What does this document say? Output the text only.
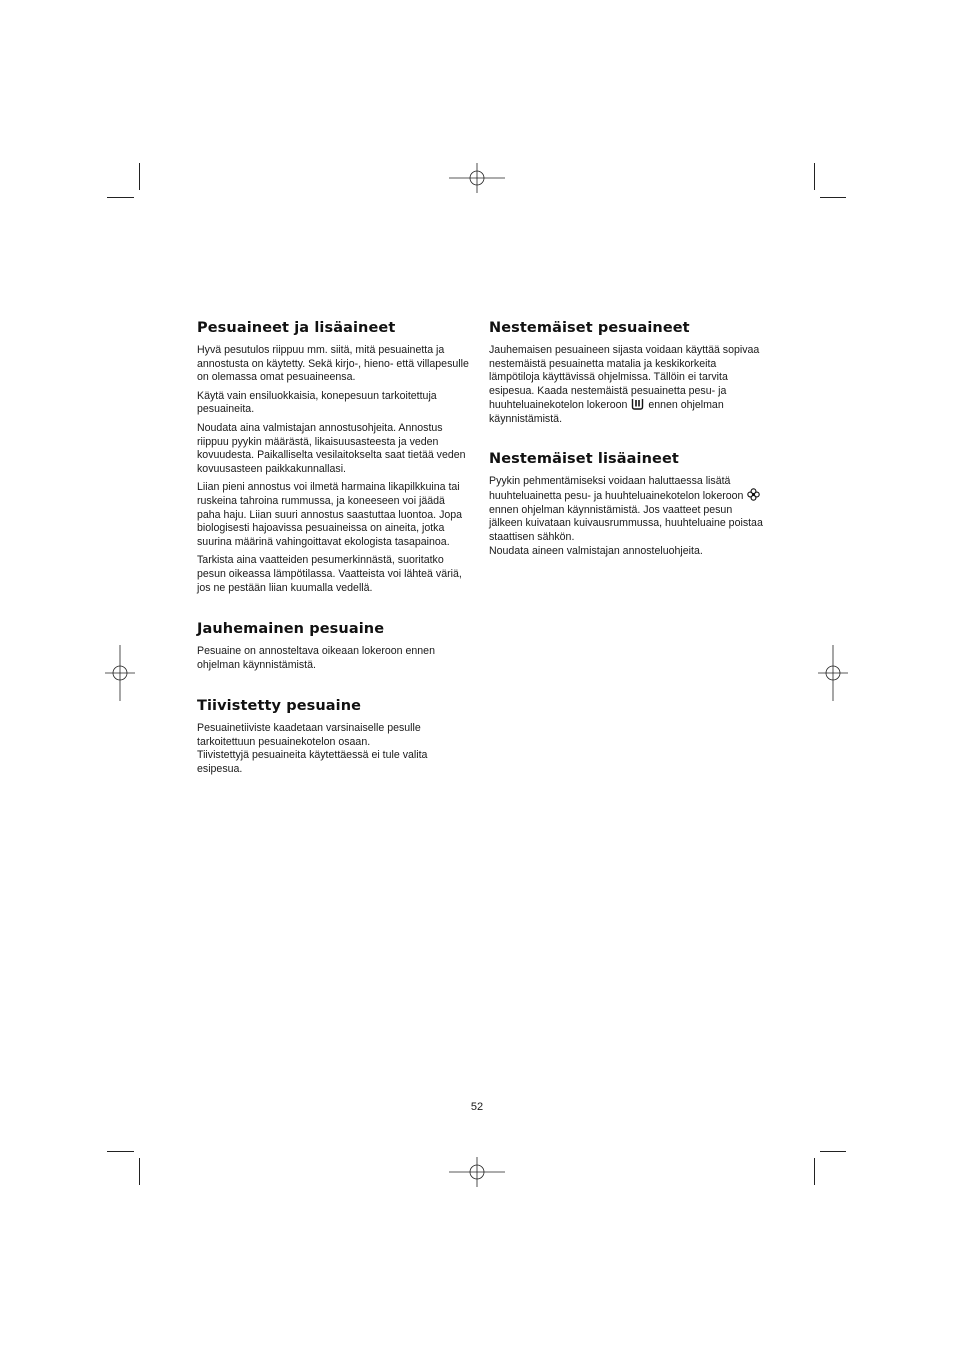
Pesuaineet ja lisäaineet

Hyvä pesutulos riippuu mm. siitä, mitä pesuainetta ja annostusta on käytetty. Sekä kirjo-, hieno- että villapesulle on olemassa omat pesuaineensa.

Käytä vain ensiluokkaisia, konepesuun tarkoitettuja pesuaineita.

Noudata aina valmistajan annostusohjeita. Annostus riippuu pyykin määrästä, likaisuusasteesta ja veden kovuudesta. Paikalliselta vesilaitokselta saat tietää veden kovuusasteen paikkakunnallasi.

Liian pieni annostus voi ilmetä harmaina likapilkkuina tai ruskeina tahroina rummussa, ja koneeseen voi jäädä paha haju. Liian suuri annostus saastuttaa luontoa. Jopa biologisesti hajoavissa pesuaineissa on aineita, jotka suurina määrinä vahingoittavat ekologista tasapainoa.

Tarkista aina vaatteiden pesumerkinnästä, suoritatko pesun oikeassa lämpötilassa. Vaatteista voi lähteä väriä, jos ne pestään liian kuumalla vedellä.

Jauhemainen pesuaine

Pesuaine on annosteltava oikeaan lokeroon ennen ohjelman käynnistämistä.

Tiivistetty pesuaine

Pesuainetiiviste kaadetaan varsinaiselle pesulle tarkoitettuun pesuainekotelon osaan.

Tiivistettyjä pesuaineita käytettäessä ei tule valita esipesua.

Nestemäiset pesuaineet

Jauhemaisen pesuaineen sijasta voidaan käyttää sopivaa nestemäistä pesuainetta matalia ja keskikorkeita lämpötiloja käyttävissä ohjelmissa. Tällöin ei tarvita esipesua. Kaada nestemäistä pesuainetta pesu- ja huuhteluainekotelon lokeroon ennen ohjelman käynnistämistä.

Nestemäiset lisäaineet

Pyykin pehmentämiseksi voidaan haluttaessa lisätä huuhteluainetta pesu- ja huuhteluainekotelon lokeroon  ennen ohjelman käynnistämistä. Jos vaatteet pesun jälkeen kuivataan kuivausrummussa, huuhteluaine poistaa staattisen sähkön.

Noudata aineen valmistajan annosteluohjeita.

52
